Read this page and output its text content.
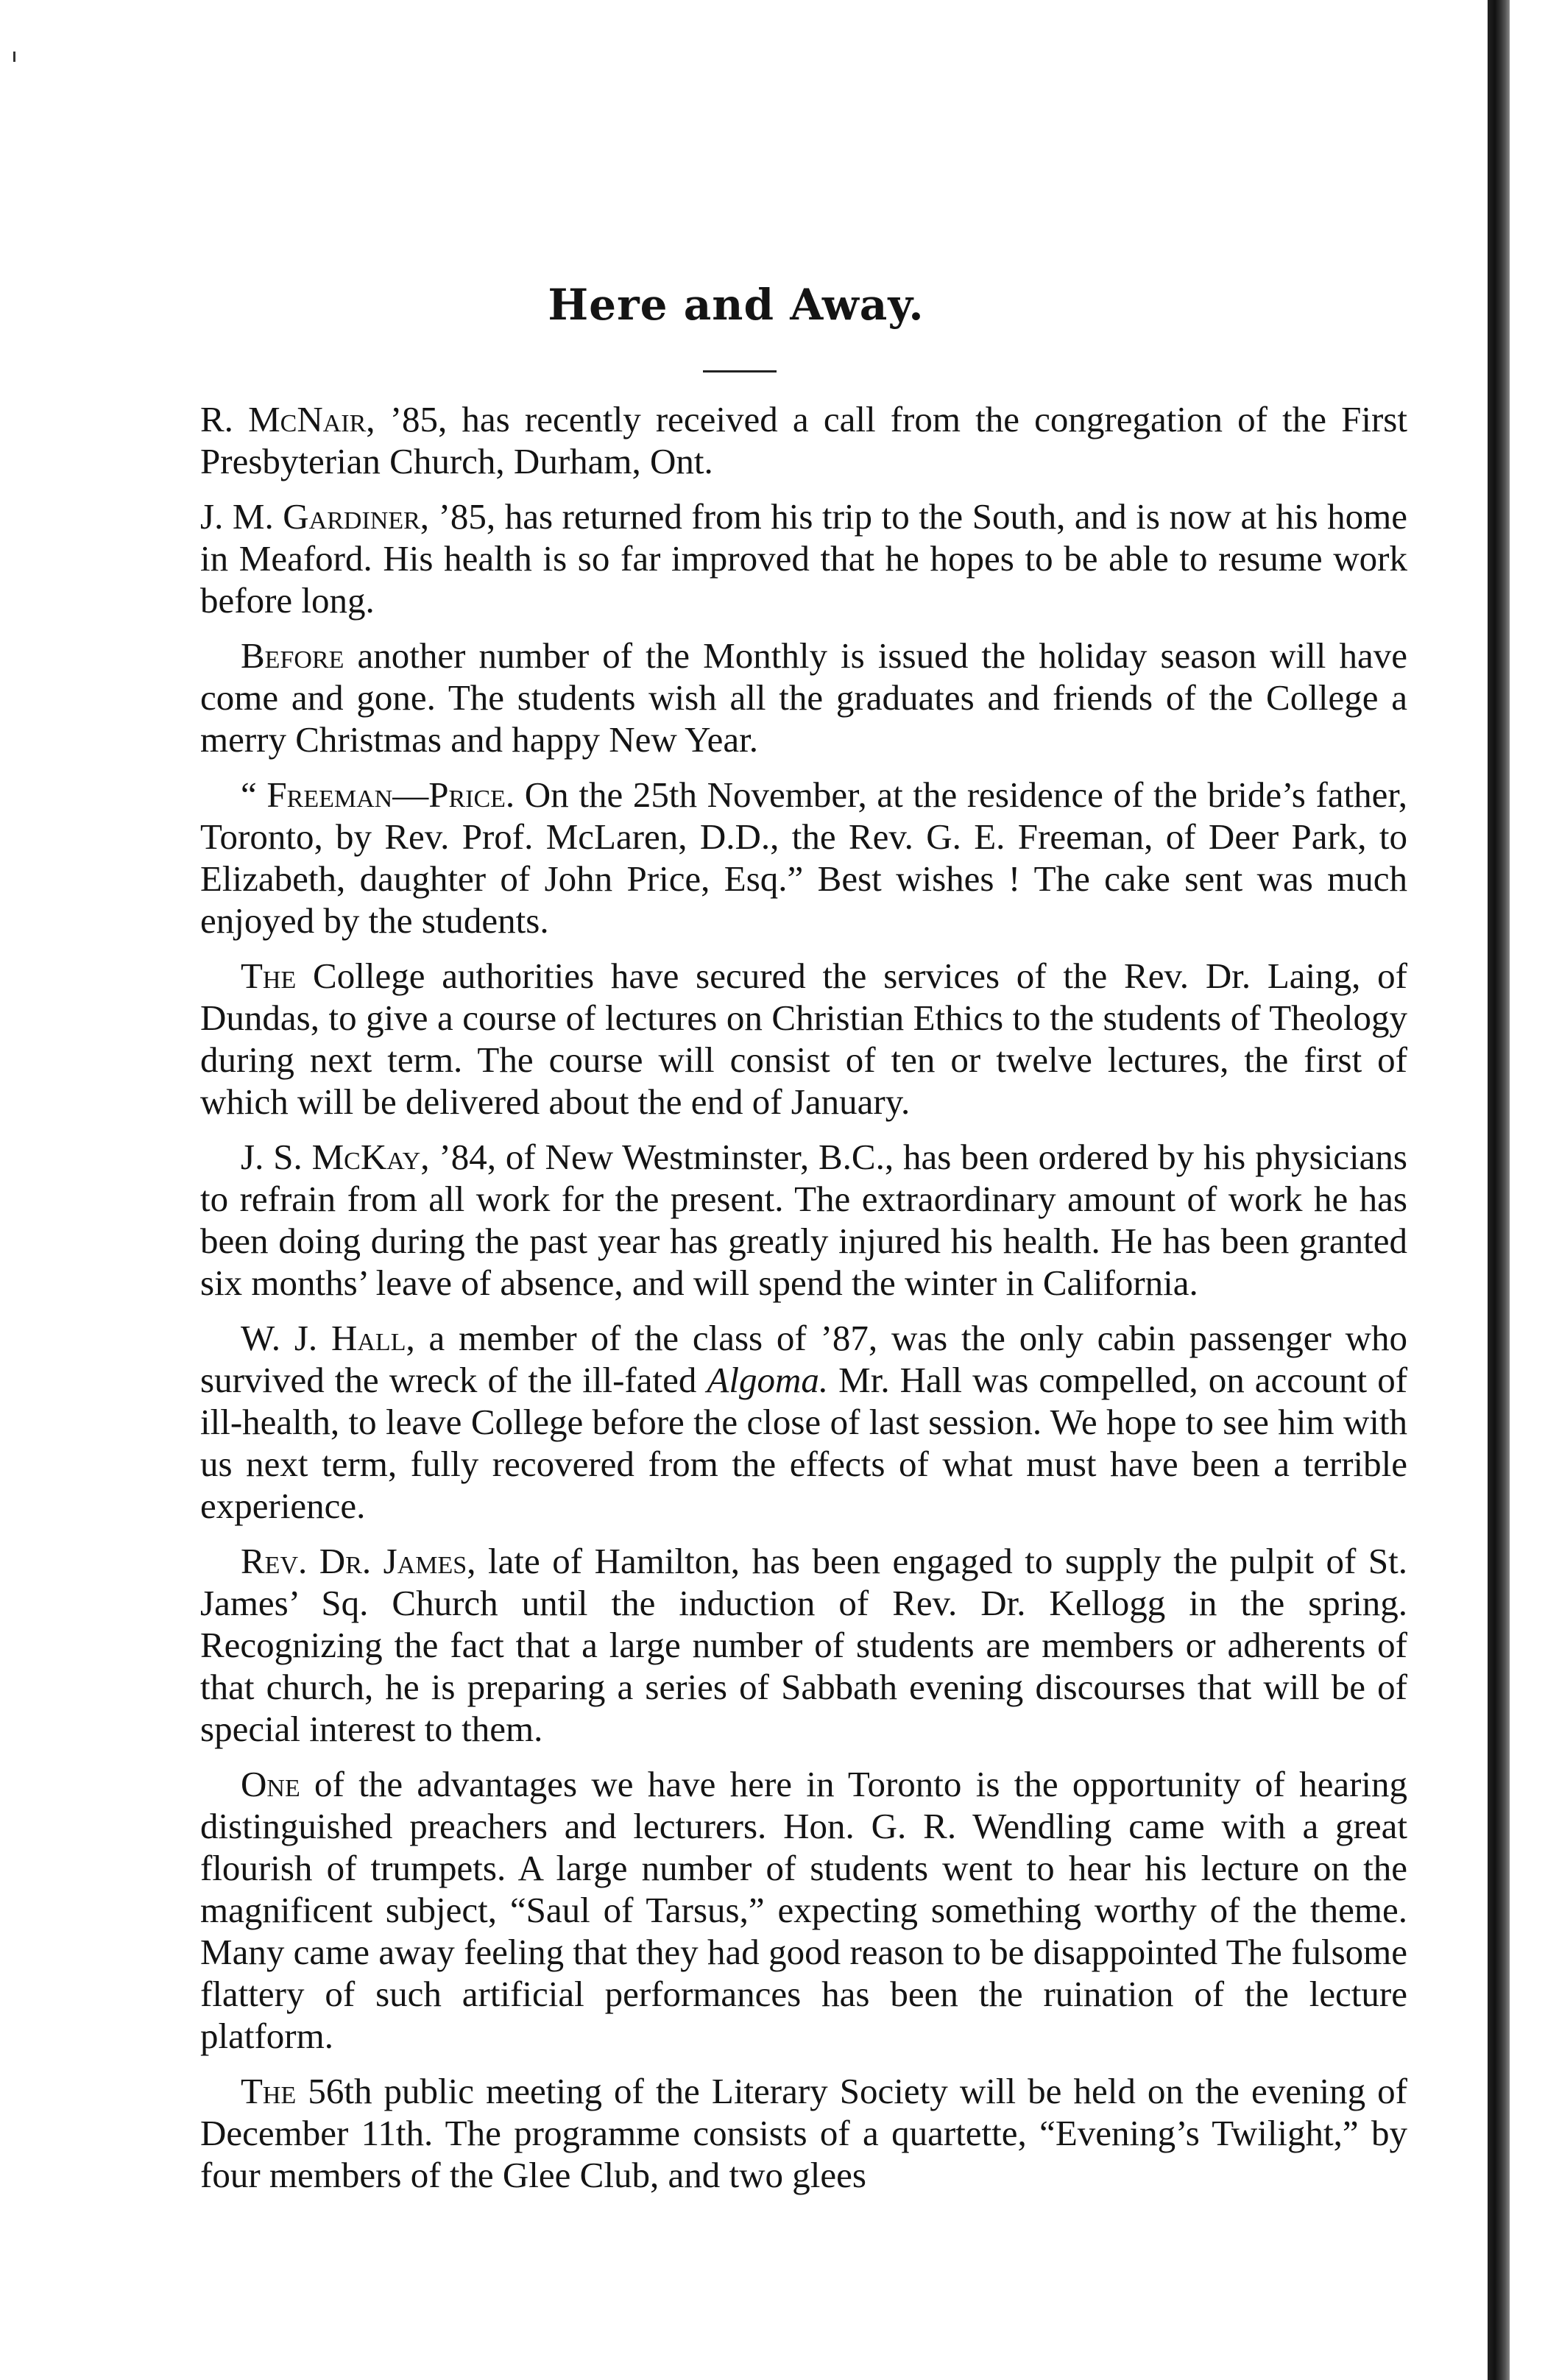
Here and Away.

R. McNair, ’85, has recently received a call from the congregation of the First Presbyterian Church, Durham, Ont.

J. M. Gardiner, ’85, has returned from his trip to the South, and is now at his home in Meaford. His health is so far improved that he hopes to be able to resume work before long.

Before another number of the Monthly is issued the holiday season will have come and gone. The students wish all the graduates and friends of the College a merry Christmas and happy New Year.

“ Freeman—Price. On the 25th November, at the residence of the bride’s father, Toronto, by Rev. Prof. McLaren, D.D., the Rev. G. E. Freeman, of Deer Park, to Elizabeth, daughter of John Price, Esq.” Best wishes ! The cake sent was much enjoyed by the students.

The College authorities have secured the services of the Rev. Dr. Laing, of Dundas, to give a course of lectures on Christian Ethics to the students of Theology during next term. The course will consist of ten or twelve lectures, the first of which will be delivered about the end of January.

J. S. McKay, ’84, of New Westminster, B.C., has been ordered by his physicians to refrain from all work for the present. The extraordinary amount of work he has been doing during the past year has greatly injured his health. He has been granted six months’ leave of absence, and will spend the winter in California.

W. J. Hall, a member of the class of ’87, was the only cabin passenger who survived the wreck of the ill-fated Algoma. Mr. Hall was compelled, on account of ill-health, to leave College before the close of last session. We hope to see him with us next term, fully recovered from the effects of what must have been a terrible experience.

Rev. Dr. James, late of Hamilton, has been engaged to supply the pulpit of St. James’ Sq. Church until the induction of Rev. Dr. Kellogg in the spring. Recognizing the fact that a large number of students are members or adherents of that church, he is preparing a series of Sabbath evening discourses that will be of special interest to them.

One of the advantages we have here in Toronto is the opportunity of hearing distinguished preachers and lecturers. Hon. G. R. Wendling came with a great flourish of trumpets. A large number of students went to hear his lecture on the magnificent subject, “Saul of Tarsus,” expecting something worthy of the theme. Many came away feeling that they had good reason to be disappointed The fulsome flattery of such artificial performances has been the ruination of the lecture platform.

The 56th public meeting of the Literary Society will be held on the evening of December 11th. The programme consists of a quartette, “Evening’s Twilight,” by four members of the Glee Club, and two glees
